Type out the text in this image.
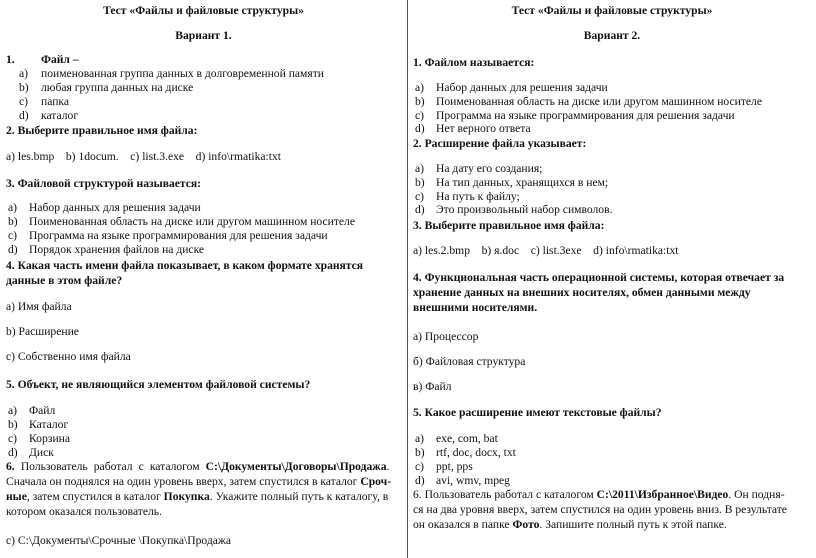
Тест «Файлы и файловые структуры»
Вариант 1.
1. Файл –
a) поименованная группа данных в долговременной памяти
b) любая группа данных на диске
c) папка
d) каталог
2. Выберите правильное имя файла:
a) les.bmp    b) 1docum.    c) list.3.exe    d) info\rmatika:txt
3. Файловой структурой называется:
a) Набор данных для решения задачи
b) Поименованная область на диске или другом машинном носителе
c) Программа на языке программирования для решения задачи
d) Порядок хранения файлов на диске
4. Какая часть имени файла показывает, в каком формате хранятся
данные в этом файле?
а) Имя файла
b) Расширение
c) Собственно имя файла
5. Объект, не являющийся элементом файловой системы?
a) Файл
b) Каталог
c) Корзина
d) Диск
6. Пользователь работал с каталогом C:\Документы\Договоры\Продажа.
Сначала он поднялся на один уровень вверх, затем спустился в каталог Сроч-
ные, затем спустился в каталог Покупка. Укажите полный путь к каталогу, в
котором оказался пользователь.
c) C:\Документы\Срочные \Покупка\Продажа
Тест «Файлы и файловые структуры»
Вариант 2.
1. Файлом называется:
a) Набор данных для решения задачи
b) Поименованная область на диске или другом машинном носителе
c) Программа на языке программирования для решения задачи
d) Нет верного ответа
2. Расширение файла указывает:
a) На дату его создания;
b) На тип данных, хранящихся в нем;
c) На путь к файлу;
d) Это произвольный набор символов.
3. Выберите правильное имя файла:
a) les.2.bmp    b) я.doc    c) list.3exe    d) info\rmatika:txt
4. Функциональная часть операционной системы, которая отвечает за
хранение данных на внешних носителях, обмен данными между
внешними носителями.
а) Процессор
б) Файловая структура
в) Файл
5. Какое расширение имеют текстовые файлы?
a) exe, com, bat
b) rtf, doc, docx, txt
c) ppt, pps
d) avi, wmv, mpeg
6. Пользователь работал с каталогом C:\2011\Избранное\Видео. Он подня-
ся на два уровня вверх, затем спустился на один уровень вниз. В результате
он оказался в папке Фото. Запишите полный путь к этой папке.
